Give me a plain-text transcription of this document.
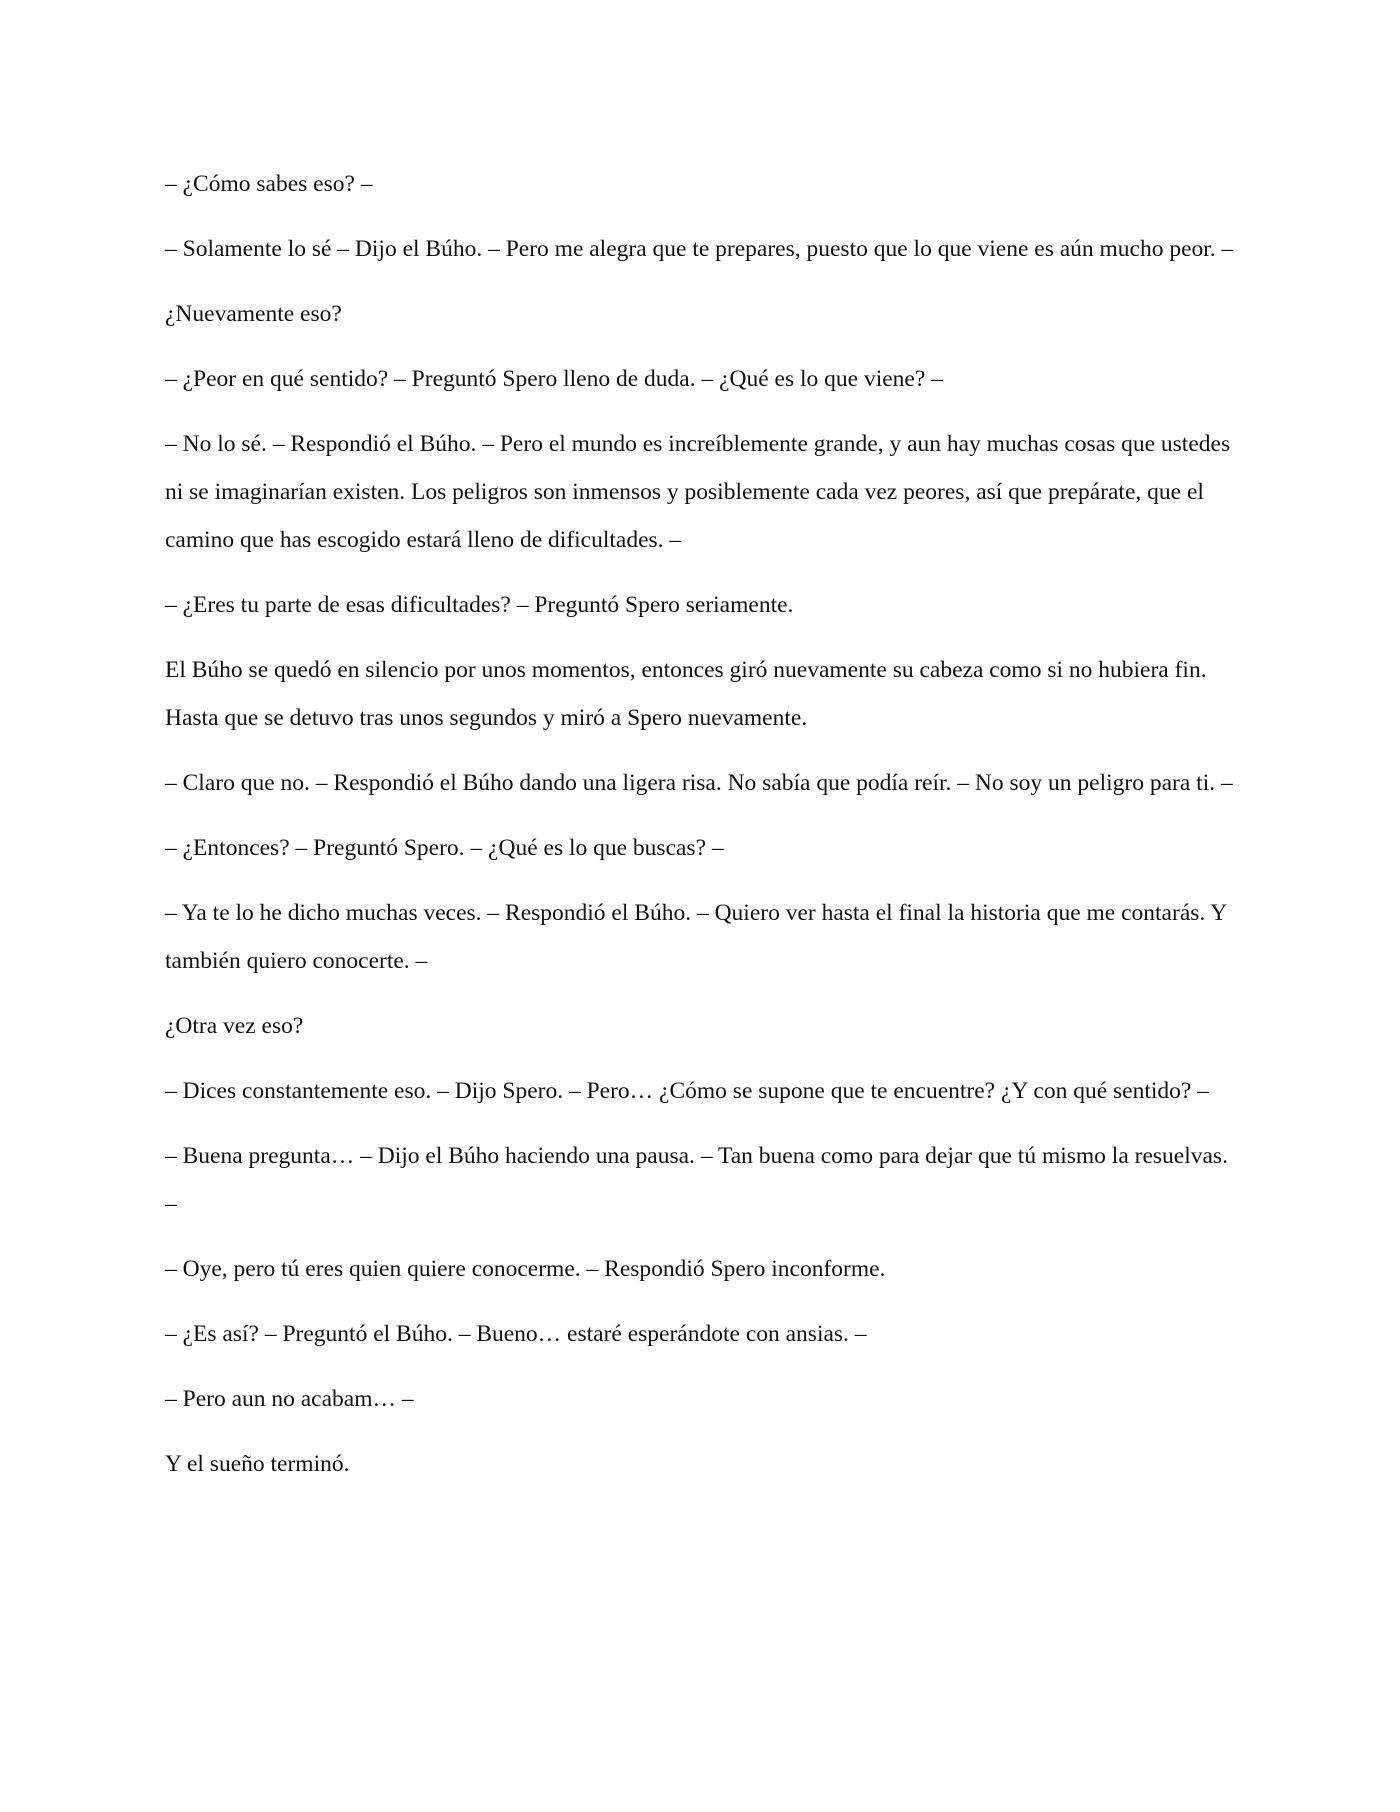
– ¿Cómo sabes eso? –

– Solamente lo sé – Dijo el Búho. – Pero me alegra que te prepares, puesto que lo que viene es aún mucho peor. –

¿Nuevamente eso?

– ¿Peor en qué sentido? – Preguntó Spero lleno de duda. – ¿Qué es lo que viene? –

– No lo sé. – Respondió el Búho. – Pero el mundo es increíblemente grande, y aun hay muchas cosas que ustedes ni se imaginarían existen. Los peligros son inmensos y posiblemente cada vez peores, así que prepárate, que el camino que has escogido estará lleno de dificultades. –

– ¿Eres tu parte de esas dificultades? – Preguntó Spero seriamente.

El Búho se quedó en silencio por unos momentos, entonces giró nuevamente su cabeza como si no hubiera fin. Hasta que se detuvo tras unos segundos y miró a Spero nuevamente.

– Claro que no. – Respondió el Búho dando una ligera risa. No sabía que podía reír. – No soy un peligro para ti. –

– ¿Entonces? – Preguntó Spero. – ¿Qué es lo que buscas? –

– Ya te lo he dicho muchas veces. – Respondió el Búho. – Quiero ver hasta el final la historia que me contarás. Y también quiero conocerte. –

¿Otra vez eso?

– Dices constantemente eso. – Dijo Spero. – Pero… ¿Cómo se supone que te encuentre? ¿Y con qué sentido? –

– Buena pregunta… – Dijo el Búho haciendo una pausa. – Tan buena como para dejar que tú mismo la resuelvas. –

– Oye, pero tú eres quien quiere conocerme. – Respondió Spero inconforme.

– ¿Es así? – Preguntó el Búho. – Bueno… estaré esperándote con ansias. –

– Pero aun no acabam… –

Y el sueño terminó.
